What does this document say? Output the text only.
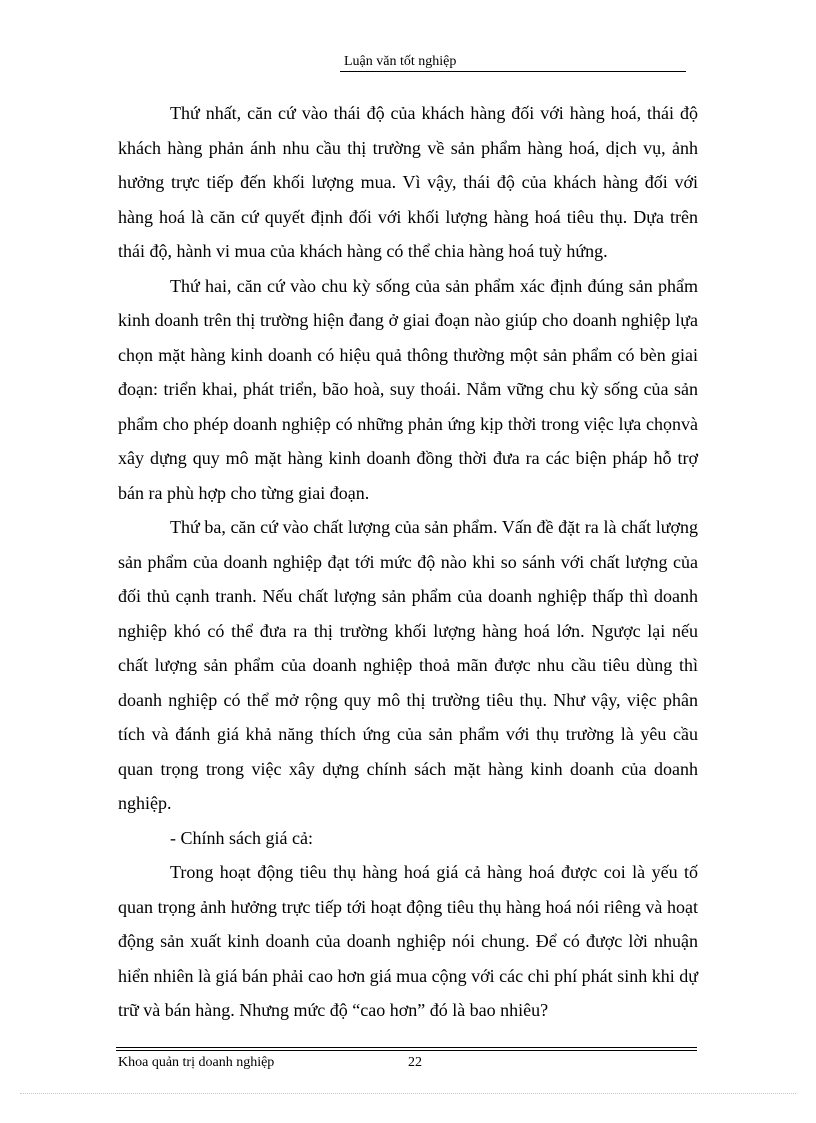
Luận văn tốt nghiệp

Thứ nhất, căn cứ vào thái độ của khách hàng đối với hàng hoá, thái độ khách hàng phản ánh nhu cầu thị trường về sản phẩm hàng hoá, dịch vụ, ảnh hưởng trực tiếp đến khối lượng mua. Vì vậy, thái độ của khách hàng đối với hàng hoá là căn cứ quyết định đối với khối lượng hàng hoá tiêu thụ. Dựa trên thái độ, hành vi mua của khách hàng có thể chia hàng hoá tuỳ hứng.

Thứ hai, căn cứ vào chu kỳ sống của sản phẩm xác định đúng sản phẩm kinh doanh trên thị trường hiện đang ở giai đoạn nào giúp cho doanh nghiệp lựa chọn mặt hàng kinh doanh có hiệu quả thông thường một sản phẩm có bèn giai đoạn: triển khai, phát triển, bão hoà, suy thoái. Nắm vững chu kỳ sống của sản phẩm cho phép doanh nghiệp có những phản ứng kịp thời trong việc lựa chọnvà xây dựng quy mô mặt hàng kinh doanh đồng thời đưa ra các biện pháp hỗ trợ bán ra phù hợp cho từng giai đoạn.

Thứ ba, căn cứ vào chất lượng của sản phẩm. Vấn đề đặt ra là chất lượng sản phẩm của doanh nghiệp đạt tới mức độ nào khi so sánh với chất lượng của đối thủ cạnh tranh. Nếu chất lượng sản phẩm của doanh nghiệp thấp thì doanh nghiệp khó có thể đưa ra thị trường khối lượng hàng hoá lớn. Ngược lại nếu chất lượng sản phẩm của doanh nghiệp thoả mãn được nhu cầu tiêu dùng thì doanh nghiệp có thể mở rộng quy mô thị trường tiêu thụ. Như vậy, việc phân tích và đánh giá khả năng thích ứng của sản phẩm với thụ trường là yêu cầu quan trọng trong việc xây dựng chính sách mặt hàng kinh doanh của doanh nghiệp.

- Chính sách giá cả:

Trong hoạt động tiêu thụ hàng hoá giá cả hàng hoá được coi là yếu tố quan trọng ảnh hưởng trực tiếp tới hoạt động tiêu thụ hàng hoá nói riêng và hoạt động sản xuất kinh doanh của doanh nghiệp nói chung. Để có được lời nhuận hiển nhiên là giá bán phải cao hơn giá mua cộng với các chi phí phát sinh khi dự trữ và bán hàng. Nhưng mức độ “cao hơn” đó là bao nhiêu?

Khoa quản trị doanh nghiệp	22
